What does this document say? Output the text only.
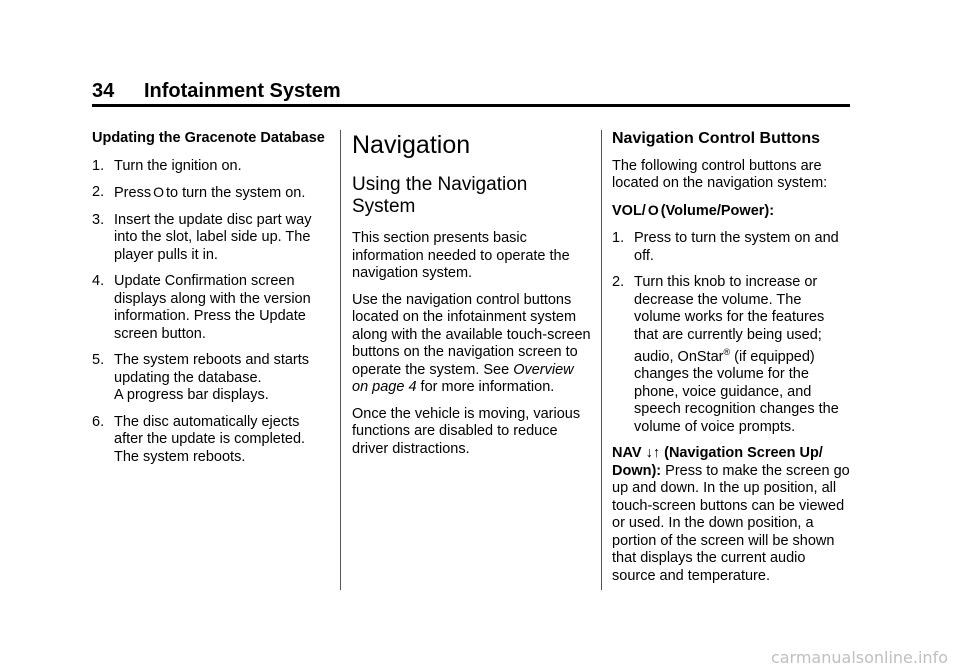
34 Infotainment System
Updating the Gracenote Database
1. Turn the ignition on.
2. Press O to turn the system on.
3. Insert the update disc part way into the slot, label side up. The player pulls it in.
4. Update Confirmation screen displays along with the version information. Press the Update screen button.
5. The system reboots and starts updating the database.
A progress bar displays.
6. The disc automatically ejects after the update is completed. The system reboots.
Navigation
Using the Navigation System

This section presents basic information needed to operate the navigation system.

Use the navigation control buttons located on the infotainment system along with the available touch-screen buttons on the navigation screen to operate the system. See Overview on page 4 for more information.

Once the vehicle is moving, various functions are disabled to reduce driver distractions.

Navigation Control Buttons

The following control buttons are located on the navigation system:

VOL/ O (Volume/Power):

1. Press to turn the system on and off.
2. Turn this knob to increase or decrease the volume. The volume works for the features that are currently being used; audio, OnStar® (if equipped) changes the volume for the phone, voice guidance, and speech recognition changes the volume of voice prompts.

NAV ↓↑ (Navigation Screen Up/ Down): Press to make the screen go up and down. In the up position, all touch-screen buttons can be viewed or used. In the down position, a portion of the screen will be shown that displays the current audio source and temperature.

carmanualsonline.info
